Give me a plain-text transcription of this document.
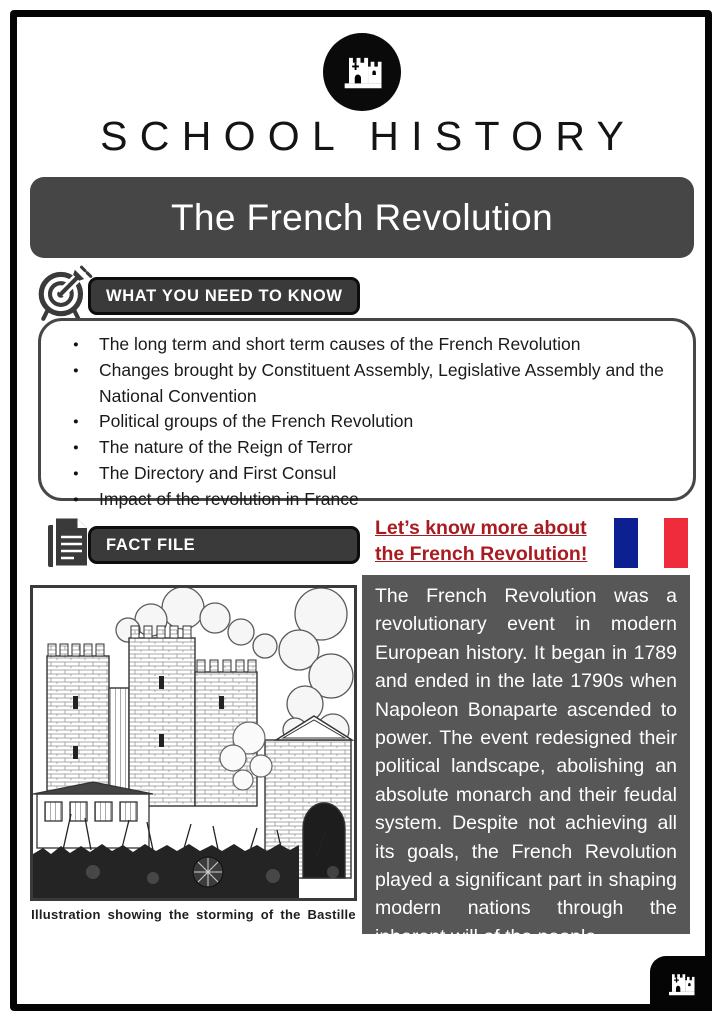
SCHOOL HISTORY
The French Revolution
WHAT YOU NEED TO KNOW
● The long term and short term causes of the French Revolution
● Changes brought by Constituent Assembly, Legislative Assembly and the National Convention
● Political groups of the French Revolution
● The nature of the Reign of Terror
● The Directory and First Consul
● Impact of the revolution in France
FACT FILE
Let’s know more about the French Revolution!
Illustration showing the storming of the Bastille
The French Revolution was a revolutionary event in modern European history. It began in 1789 and ended in the late 1790s when Napoleon Bonaparte ascended to power. The event redesigned their political landscape, abolishing an absolute monarch and their feudal system. Despite not achieving all its goals, the French Revolution played a significant part in shaping modern nations through the inherent will of the people.
